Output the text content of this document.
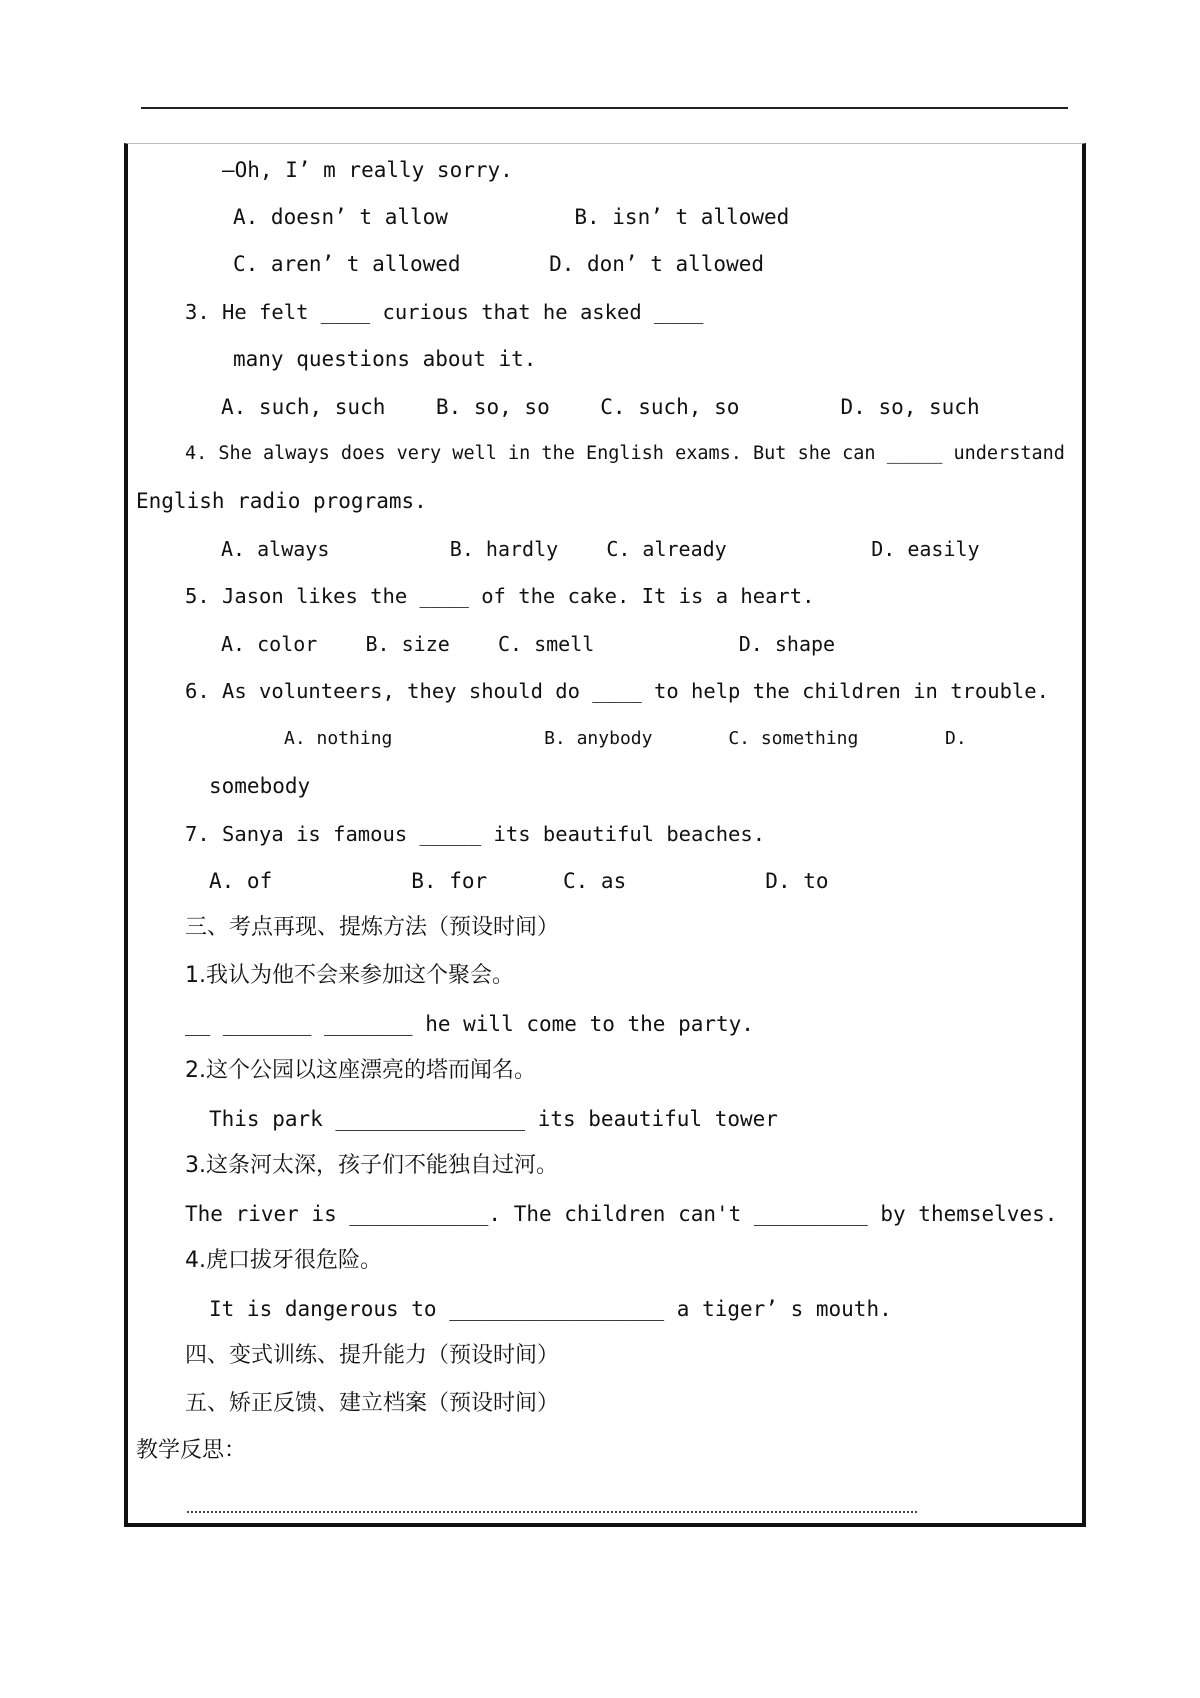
—Oh, I’ m really sorry.
A. doesn’ t allow          B. isn’ t allowed
C. aren’ t allowed       D. don’ t allowed
3. He felt ____ curious that he asked ____
many questions about it.
A. such, such    B. so, so    C. such, so        D. so, such
4. She always does very well in the English exams. But she can _____ understand
English radio programs.
A. always          B. hardly    C. already            D. easily
5. Jason likes the ____ of the cake. It is a heart.
A. color    B. size    C. smell            D. shape
6. As volunteers, they should do ____ to help the children in trouble.
A. nothing              B. anybody       C. something        D.
somebody
7. Sanya is famous _____ its beautiful beaches.
A. of           B. for      C. as           D. to
三、考点再现、提炼方法（预设时间）
1.我认为他不会来参加这个聚会。
__ _______ _______ he will come to the party.
2.这个公园以这座漂亮的塔而闻名。
This park _______________ its beautiful tower
3.这条河太深，孩子们不能独自过河。
The river is ___________. The children can't _________ by themselves.
4.虎口拔牙很危险。
It is dangerous to _________________ a tiger’ s mouth.
四、变式训练、提升能力（预设时间）
五、矫正反馈、建立档案（预设时间）
教学反思：
